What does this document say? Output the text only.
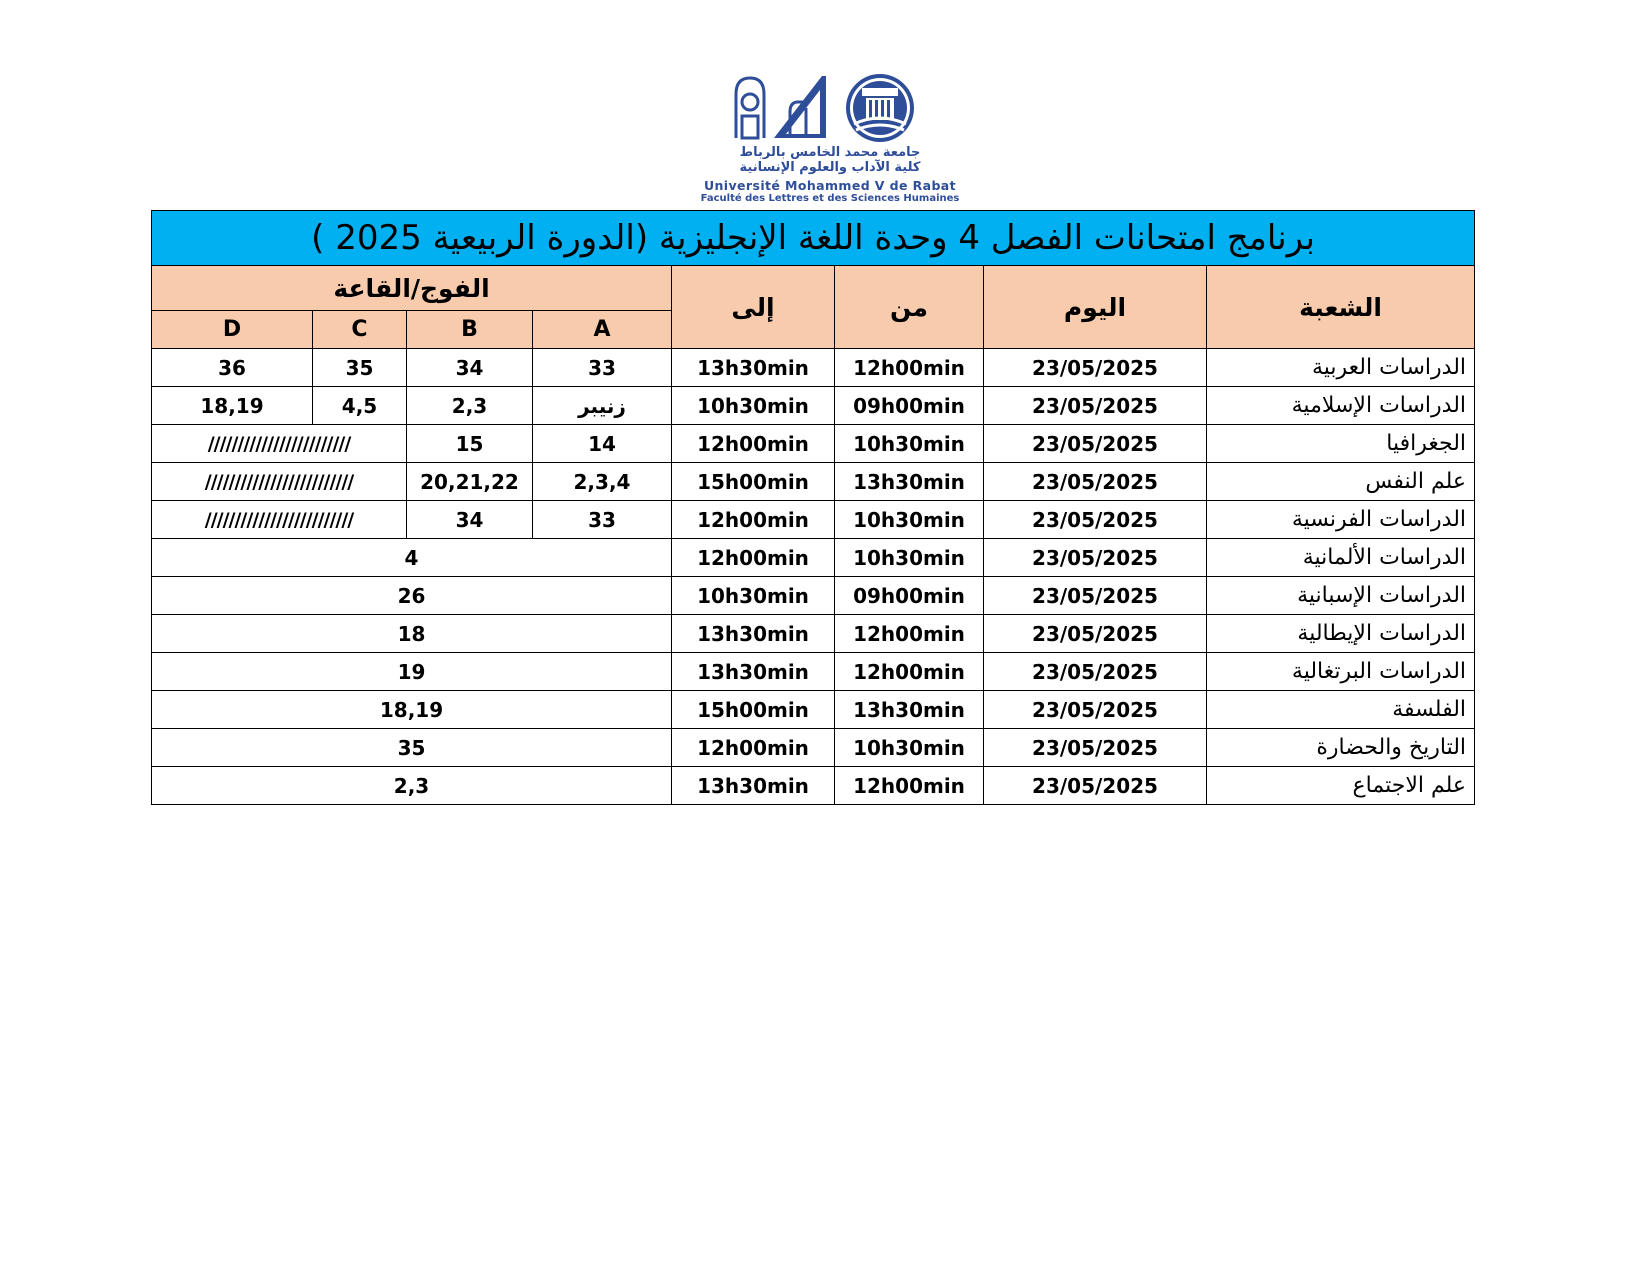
جامعة محمد الخامس بالرباط
كلية الآداب والعلوم الإنسانية
Université Mohammed V de Rabat
Faculté des Lettres et des Sciences Humaines
برنامج امتحانات الفصل 4 وحدة اللغة الإنجليزية (الدورة الربيعية 2025 )							
الفوج/القاعة				إلى	من	اليوم	الشعبة
D	C	B	A				
36	35	34	33	13h30min	12h00min	23/05/2025	الدراسات العربية
18,19	4,5	2,3	زنيبر	10h30min	09h00min	23/05/2025	الدراسات الإسلامية
////////////////////////		15	14	12h00min	10h30min	23/05/2025	الجغرافيا
/////////////////////////		20,21,22	2,3,4	15h00min	13h30min	23/05/2025	علم النفس
/////////////////////////		34	33	12h00min	10h30min	23/05/2025	الدراسات الفرنسية
4				12h00min	10h30min	23/05/2025	الدراسات الألمانية
26				10h30min	09h00min	23/05/2025	الدراسات الإسبانية
18				13h30min	12h00min	23/05/2025	الدراسات الإيطالية
19				13h30min	12h00min	23/05/2025	الدراسات البرتغالية
18,19				15h00min	13h30min	23/05/2025	الفلسفة
35				12h00min	10h30min	23/05/2025	التاريخ والحضارة
2,3				13h30min	12h00min	23/05/2025	علم الاجتماع
